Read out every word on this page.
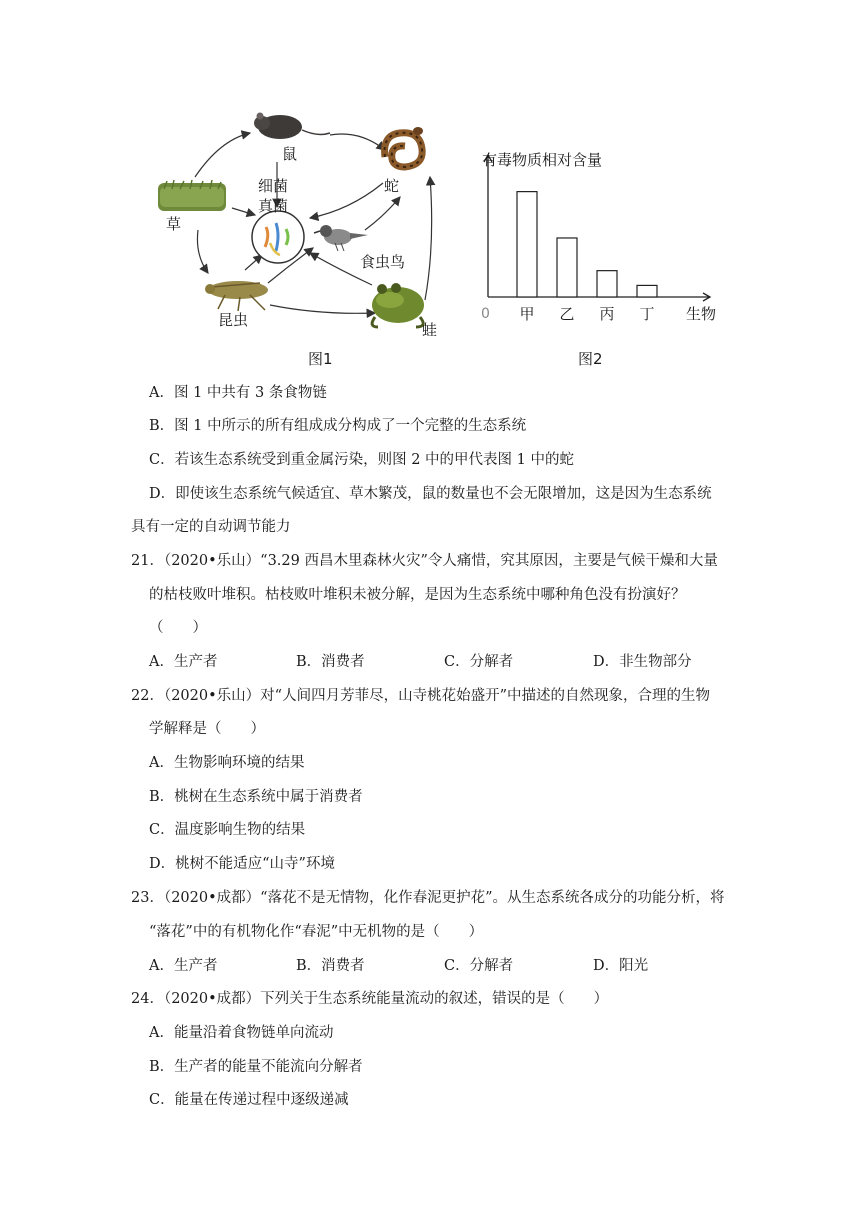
鼠
细菌
真菌
蛇
草
食虫鸟
昆虫
蛙
图1
甲 乙 丙 丁
有毒物质相对含量
生物
0
图2
A．图 1 中共有 3 条食物链
B．图 1 中所示的所有组成成分构成了一个完整的生态系统
C．若该生态系统受到重金属污染，则图 2 中的甲代表图 1 中的蛇
D．即使该生态系统气候适宜、草木繁茂，鼠的数量也不会无限增加，这是因为生态系统
具有一定的自动调节能力
21．（2020•乐山）“3.29 西昌木里森林火灾”令人痛惜，究其原因，主要是气候干燥和大量
的枯枝败叶堆积。枯枝败叶堆积未被分解，是因为生态系统中哪种角色没有扮演好？
（　　）
A．生产者	B．消费者	C．分解者	D．非生物部分
22．（2020•乐山）对“人间四月芳菲尽，山寺桃花始盛开”中描述的自然现象，合理的生物
学解释是（　　）
A．生物影响环境的结果
B．桃树在生态系统中属于消费者
C．温度影响生物的结果
D．桃树不能适应“山寺”环境
23．（2020•成都）“落花不是无情物，化作春泥更护花”。从生态系统各成分的功能分析，将
“落花”中的有机物化作“春泥”中无机物的是（　　）
A．生产者	B．消费者	C．分解者	D．阳光
24．（2020•成都）下列关于生态系统能量流动的叙述，错误的是（　　）
A．能量沿着食物链单向流动
B．生产者的能量不能流向分解者
C．能量在传递过程中逐级递减
